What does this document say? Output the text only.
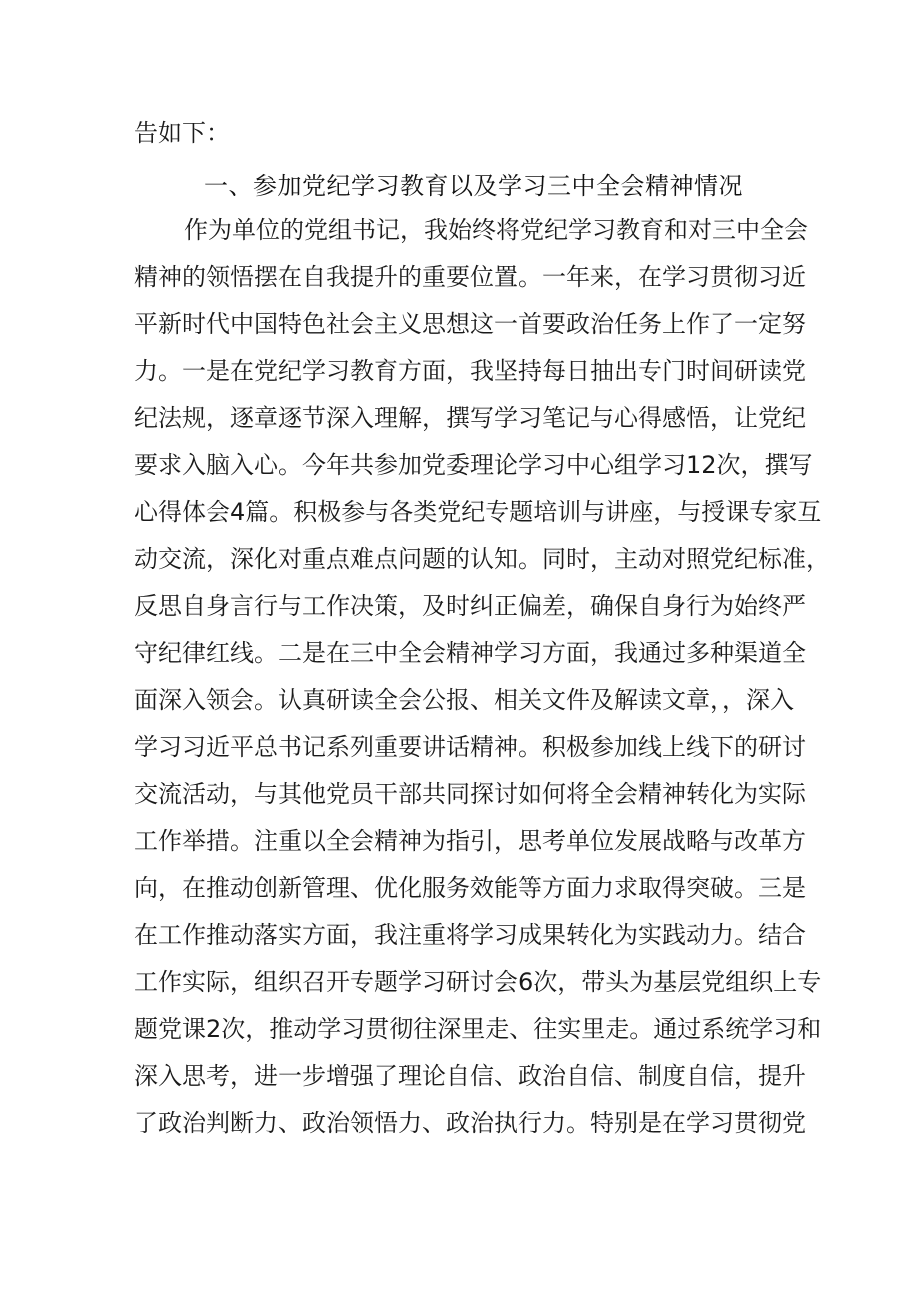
告如下：
一、参加党纪学习教育以及学习三中全会精神情况
作为单位的党组书记，我始终将党纪学习教育和对三中全会
精神的领悟摆在自我提升的重要位置。一年来，在学习贯彻习近
平新时代中国特色社会主义思想这一首要政治任务上作了一定努
力。一是在党纪学习教育方面，我坚持每日抽出专门时间研读党
纪法规，逐章逐节深入理解，撰写学习笔记与心得感悟，让党纪
要求入脑入心。今年共参加党委理论学习中心组学习12次，撰写
心得体会4篇。积极参与各类党纪专题培训与讲座，与授课专家互
动交流，深化对重点难点问题的认知。同时，主动对照党纪标准，
反思自身言行与工作决策，及时纠正偏差，确保自身行为始终严
守纪律红线。二是在三中全会精神学习方面，我通过多种渠道全
面深入领会。认真研读全会公报、相关文件及解读文章，，深入
学习习近平总书记系列重要讲话精神。积极参加线上线下的研讨
交流活动，与其他党员干部共同探讨如何将全会精神转化为实际
工作举措。注重以全会精神为指引，思考单位发展战略与改革方
向，在推动创新管理、优化服务效能等方面力求取得突破。三是
在工作推动落实方面，我注重将学习成果转化为实践动力。结合
工作实际，组织召开专题学习研讨会6次，带头为基层党组织上专
题党课2次，推动学习贯彻往深里走、往实里走。通过系统学习和
深入思考，进一步增强了理论自信、政治自信、制度自信，提升
了政治判断力、政治领悟力、政治执行力。特别是在学习贯彻党
